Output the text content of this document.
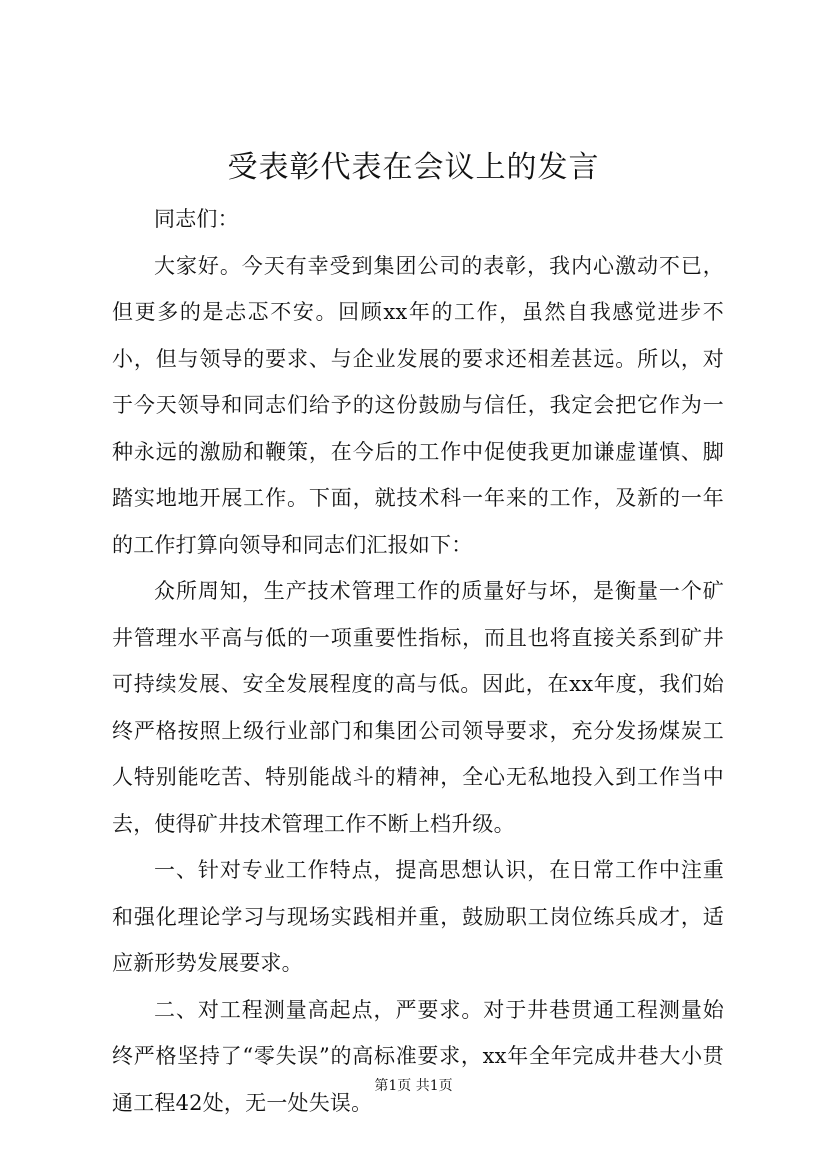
受表彰代表在会议上的发言

同志们：

大家好。今天有幸受到集团公司的表彰，我内心激动不已，但更多的是忐忑不安。回顾xx年的工作，虽然自我感觉进步不小，但与领导的要求、与企业发展的要求还相差甚远。所以，对于今天领导和同志们给予的这份鼓励与信任，我定会把它作为一种永远的激励和鞭策，在今后的工作中促使我更加谦虚谨慎、脚踏实地地开展工作。下面，就技术科一年来的工作，及新的一年的工作打算向领导和同志们汇报如下：

众所周知，生产技术管理工作的质量好与坏，是衡量一个矿井管理水平高与低的一项重要性指标，而且也将直接关系到矿井可持续发展、安全发展程度的高与低。因此，在xx年度，我们始终严格按照上级行业部门和集团公司领导要求，充分发扬煤炭工人特别能吃苦、特别能战斗的精神，全心无私地投入到工作当中去，使得矿井技术管理工作不断上档升级。

一、针对专业工作特点，提高思想认识，在日常工作中注重和强化理论学习与现场实践相并重，鼓励职工岗位练兵成才，适应新形势发展要求。

二、对工程测量高起点，严要求。对于井巷贯通工程测量始终严格坚持了“零失误”的高标准要求，xx年全年完成井巷大小贯通工程42处，无一处失误。

第1页 共1页
